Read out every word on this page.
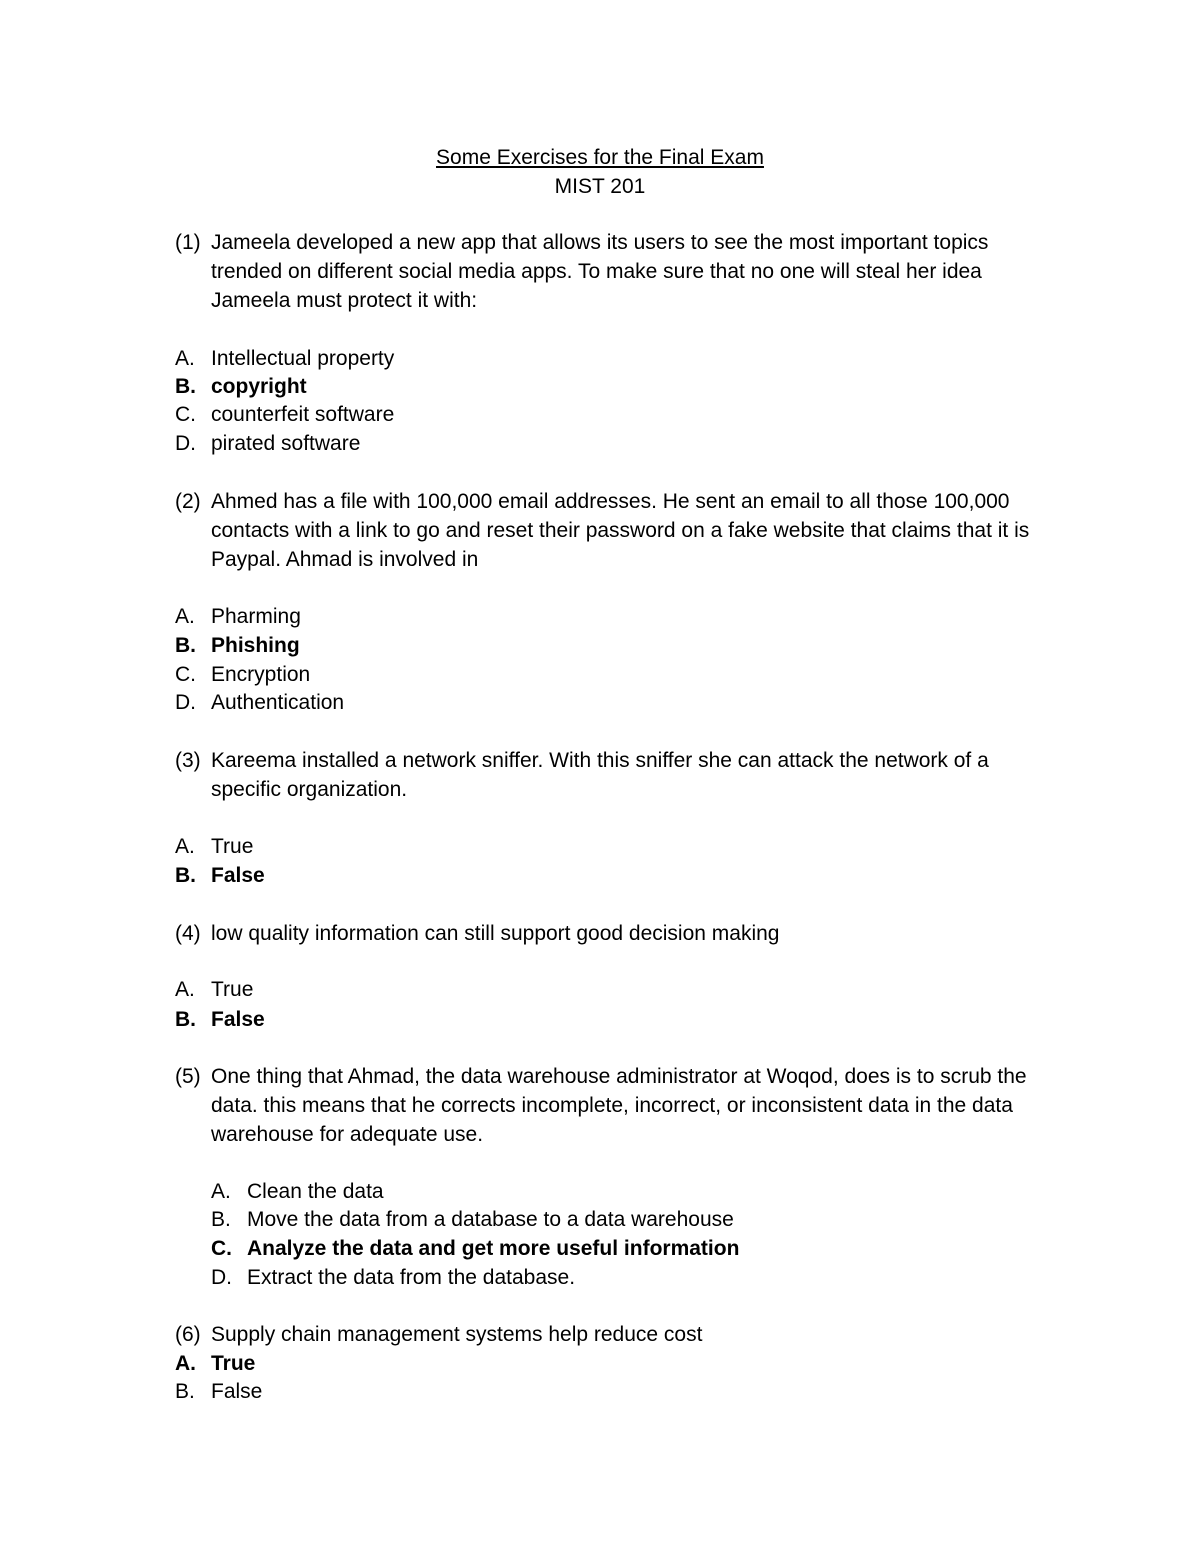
Some Exercises for the Final Exam
MIST 201
(1) Jameela developed a new app that allows its users to see the most important topics
trended on different social media apps. To make sure that no one will steal her idea
Jameela must protect it with:
A. Intellectual property
B. copyright
C. counterfeit software
D. pirated software
(2) Ahmed has a file with 100,000 email addresses. He sent an email to all those 100,000
contacts with a link to go and reset their password on a fake website that claims that it is
Paypal. Ahmad is involved in
A. Pharming
B. Phishing
C. Encryption
D. Authentication
(3) Kareema installed a network sniffer. With this sniffer she can attack the network of a
specific organization.
A. True
B. False
(4) low quality information can still support good decision making
A. True
B. False
(5) One thing that Ahmad, the data warehouse administrator at Woqod, does is to scrub the
data. this means that he corrects incomplete, incorrect, or inconsistent data in the data
warehouse for adequate use.
A. Clean the data
B. Move the data from a database to a data warehouse
C. Analyze the data and get more useful information
D. Extract the data from the database.
(6) Supply chain management systems help reduce cost
A. True
B. False
